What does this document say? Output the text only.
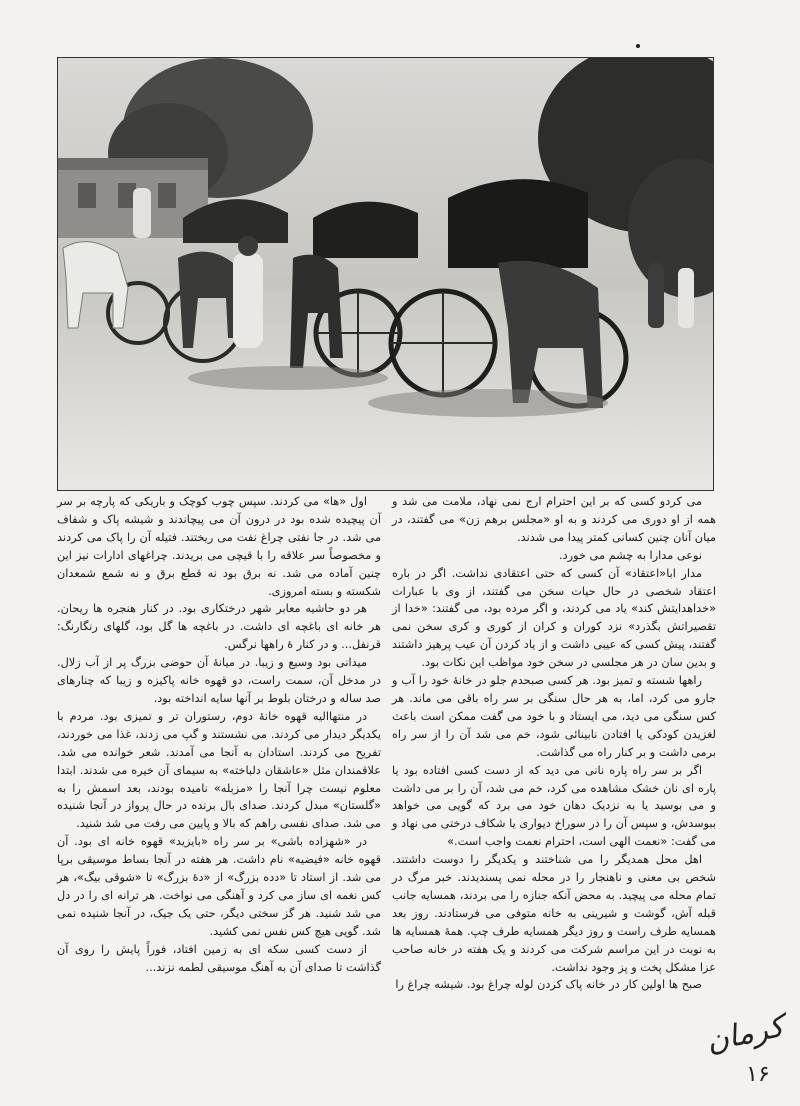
می کردو کسی که بر این احترام ارج نمی نهاد، ملامت می شد و همه از او دوری می کردند و به او «مجلس برهم زن» می گفتند، در میان آنان چنین کسانی کمتر پیدا می شدند.

نوعی مدارا به چشم می خورد.

مدار ابا«اعتقاد» آن کسی که حتی اعتقادی نداشت. اگر در باره اعتقاد شخصی در حال حیات سخن می گفتند، از وی با عبارات «خداهدایتش کند» یاد می کردند، و اگر مرده بود، می گفتند: «خدا از تقصیراتش بگذرد» نزد کوران و کران از کوری و کری سخن نمی گفتند، پیش کسی که عیبی داشت و از یاد کردن آن عیب پرهیز داشتند و بدین سان در هر مجلسی در سخن خود مواظب این نکات بود.

راهها شسته و تمیز بود. هر کسی صبحدم جلو در خانهٔ خود را آب و جارو می کرد، اما، به هر حال سنگی بر سر راه باقی می ماند. هر کس سنگی می دید، می ایستاد و با خود می گفت ممکن است باعث لغزیدن کودکی یا افتادن نابینائی شود، خم می شد آن را از سر راه برمی داشت و بر کنار راه می گذاشت.

اگر بر سر راه پاره نانی می دید که از دست کسی افتاده بود یا پاره ای نان خشک مشاهده می کرد، خم می شد، آن را بر می داشت و می بوسید یا به نزدیک دهان خود می برد که گویی می خواهد ببوسدش، و سپس آن را در سوراخ دیواری یا شکاف درختی می نهاد و می گفت: «نعمت الهی است، احترام نعمت واجب است.»

اهل محل همدیگر را می شناختند و یکدیگر را دوست داشتند. شخص بی معنی و ناهنجار را در محله نمی پسندیدند. خبر مرگ در تمام محله می پیچید. به محض آنکه جنازه را می بردند، همسایه جانب قبله آش، گوشت و شیرینی به خانه متوفی می فرستادند. روز بعد همسایه طرف راست و روز دیگر همسایه طرف چپ. همهٔ همسایه ها به نوبت در این مراسم شرکت می کردند و یک هفته در خانه صاحب عزا مشکل پخت و پز وجود نداشت.

صبح ها اولین کار در خانه پاک کردن لوله چراغ بود. شیشه چراغ را

اول «ها» می کردند. سپس چوب کوچک و باریکی که پارچه بر سر آن پیچیده شده بود در درون آن می پیچاندند و شیشه پاک و شفاف می شد. در جا نفتی چراغ نفت می ریختند. فتیله آن را پاک می کردند و مخصوصاً سر علاقه را با قیچی می بریدند. چراغهای ادارات نیز این چنین آماده می شد. نه برق بود نه قطع برق و نه شمع شمعدان شکسته و بسته امروزی.

هر دو حاشیه معابر شهر درختکاری بود. در کنار هنجره ها ریحان. هر خانه ای باغچه ای داشت. در باغچه ها گل بود، گلهای رنگارنگ: قرنفل... و در کنار هٔ راهها نرگس.

میدانی بود وسیع و زیبا. در میانهٔ آن حوضی بزرگ پر از آب زلال. در مدخل آن، سمت راست، دو قهوه خانه پاکیزه و زیبا که چنارهای صد ساله و درختان بلوط بر آنها سایه انداخته بود.

در منتهاالیه قهوه خانهٔ دوم، رستوران تر و تمیزی بود. مردم با یکدیگر دیدار می کردند. می نشستند و گپ می زدند، غذا می خوردند، تفریح می کردند. استادان به آنجا می آمدند. شعر خوانده می شد. علاقمندان مثل «عاشقان دلباخته» به سیمای آن خیره می شدند. ابتدا معلوم نیست چرا آنجا را «مزبله» نامیده بودند، بعد اسمش را به «گلستان» مبدل کردند. صدای بال برنده در حال پرواز در آنجا شنیده می شد. صدای نفسی راهم که بالا و پایین می رفت می شد شنید.

در «شهزاده باشی» بر سر راه «بایزید» قهوه خانه ای بود. آن قهوه خانه «فیضیه» نام داشت. هر هفته در آنجا بساط موسیقی برپا می شد. از استاد تا «دده بزرگ» از «دهٔ بزرگ» تا «شوقی بیگ»، هر کس نغمه ای ساز می کرد و آهنگی می نواخت. هر ترانه ای را در دل می شد شنید. هر گز سختی دیگر، حتی یک جیک، در آنجا شنیده نمی شد. گویی هیچ کس نفس نمی کشید.

از دست کسی سکه ای به زمین افتاد، فوراً پایش را روی آن گذاشت تا صدای آن به آهنگ موسیقی لطمه نزند...

کرمان
۱۶
